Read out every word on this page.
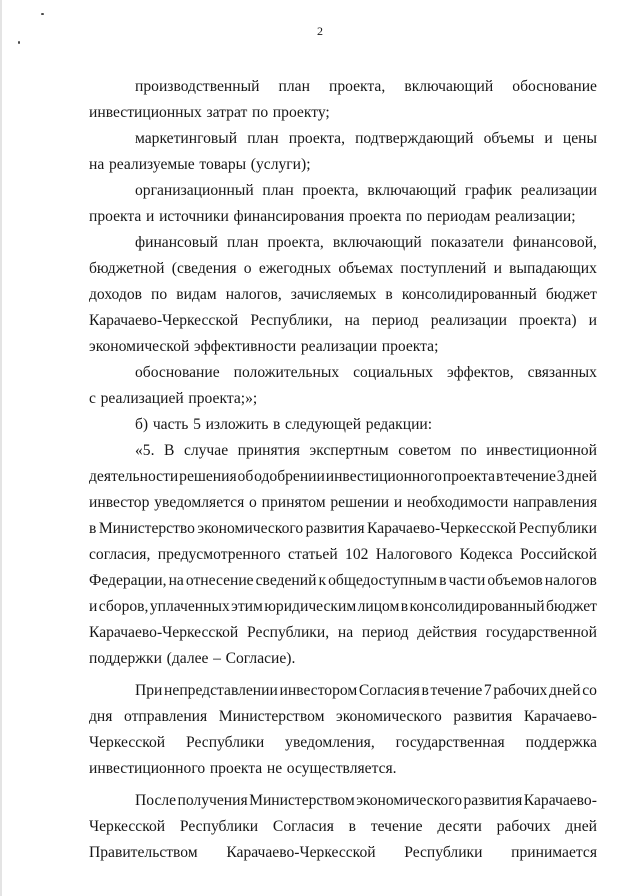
2
производственный план проекта, включающий обоснование
инвестиционных затрат по проекту;
маркетинговый план проекта, подтверждающий объемы и цены
на реализуемые товары (услуги);
организационный план проекта, включающий график реализации
проекта и источники финансирования проекта по периодам реализации;
финансовый план проекта, включающий показатели финансовой,
бюджетной (сведения о ежегодных объемах поступлений и выпадающих
доходов по видам налогов, зачисляемых в консолидированный бюджет
Карачаево-Черкесской Республики, на период реализации проекта) и
экономической эффективности реализации проекта;
обоснование положительных социальных эффектов, связанных
с реализацией проекта;»;
б) часть 5 изложить в следующей редакции:
«5. В случае принятия экспертным советом по инвестиционной
деятельности решения об одобрении инвестиционного проекта в течение 3 дней
инвестор уведомляется о принятом решении и необходимости направления
в Министерство экономического развития Карачаево-Черкесской Республики
согласия, предусмотренного статьей 102 Налогового Кодекса Российской
Федерации, на отнесение сведений к общедоступным в части объемов налогов
и сборов, уплаченных этим юридическим лицом в консолидированный бюджет
Карачаево-Черкесской Республики, на период действия государственной
поддержки (далее – Согласие).
При непредставлении инвестором Согласия в течение 7 рабочих дней со
дня отправления Министерством экономического развития Карачаево-
Черкесской Республики уведомления, государственная поддержка
инвестиционного проекта не осуществляется.
После получения Министерством экономического развития Карачаево-
Черкесской Республики Согласия в течение десяти рабочих дней
Правительством Карачаево-Черкесской Республики принимается
